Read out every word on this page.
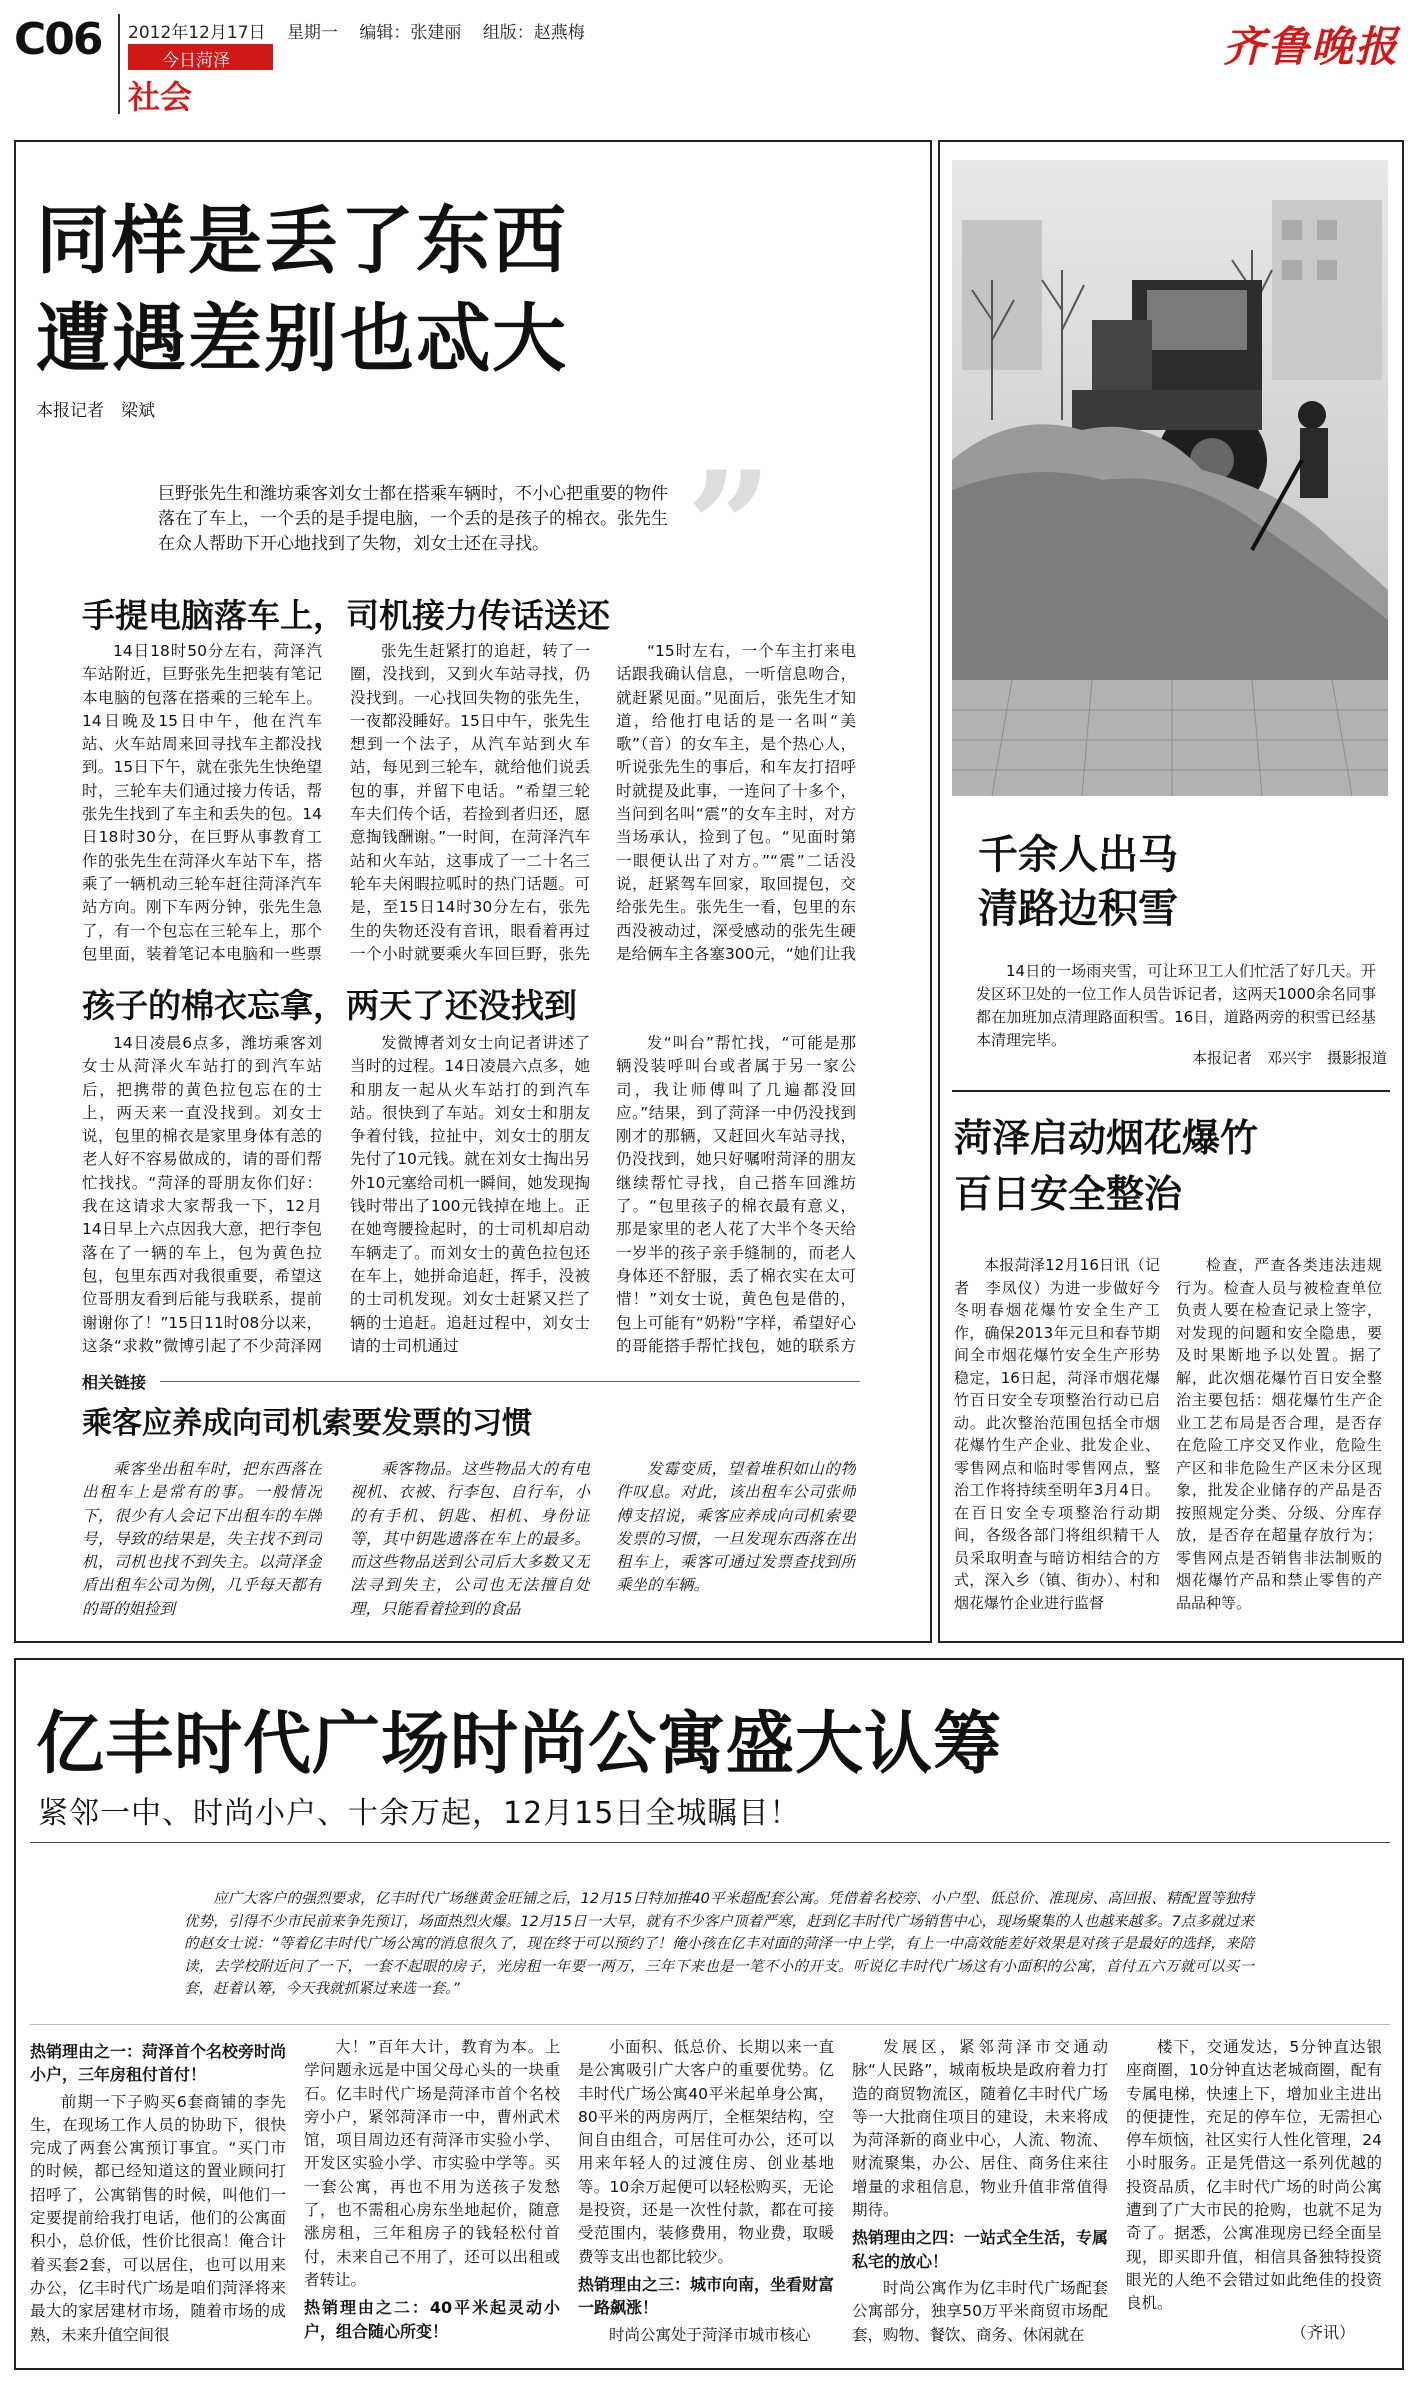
C06 2012年12月17日 星期一 编辑：张建丽 组版：赵燕梅
今日菏泽
社会
齐鲁晚报
同样是丢了东西
遭遇差别也忒大
本报记者　梁斌
巨野张先生和潍坊乘客刘女士都在搭乘车辆时，不小心把重要的物件落在了车上，一个丢的是手提电脑，一个丢的是孩子的棉衣。张先生在众人帮助下开心地找到了失物，刘女士还在寻找。 ”
手提电脑落车上，司机接力传话送还

14日18时50分左右，菏泽汽车站附近，巨野张先生把装有笔记本电脑的包落在搭乘的三轮车上。14日晚及15日中午，他在汽车站、火车站周来回寻找车主都没找到。15日下午，就在张先生快绝望时，三轮车夫们通过接力传话，帮张先生找到了车主和丢失的包。14日18时30分，在巨野从事教育工作的张先生在菏泽火车站下车，搭乘了一辆机动三轮车赶往菏泽汽车站方向。刚下车两分钟，张先生急了，有一个包忘在三轮车上，那个包里面，装着笔记本电脑和一些票

张先生赶紧打的追赶，转了一圈，没找到，又到火车站寻找，仍没找到。一心找回失物的张先生，一夜都没睡好。15日中午，张先生想到一个法子，从汽车站到火车站，每见到三轮车，就给他们说丢包的事，并留下电话。“希望三轮车夫们传个话，若捡到者归还，愿意掏钱酬谢。”一时间，在菏泽汽车站和火车站，这事成了一二十名三轮车夫闲暇拉呱时的热门话题。可是，至15日14时30分左右，张先生的失物还没有音讯，眼看着再过一个小时就要乘火车回巨野，张先

“15时左右，一个车主打来电话跟我确认信息，一听信息吻合，就赶紧见面。”见面后，张先生才知道，给他打电话的是一名叫“美歌”（音）的女车主，是个热心人，听说张先生的事后，和车友打招呼时就提及此事，一连问了十多个，当问到名叫“震”的女车主时，对方当场承认，捡到了包。“见面时第一眼便认出了对方。”“震”二话没说，赶紧驾车回家，取回提包，交给张先生。张先生一看，包里的东西没被动过，深受感动的张先生硬是给俩车主各塞300元，“她们让我

孩子的棉衣忘拿，两天了还没找到

14日凌晨6点多，潍坊乘客刘女士从菏泽火车站打的到汽车站后，把携带的黄色拉包忘在的士上，两天来一直没找到。刘女士说，包里的棉衣是家里身体有恙的老人好不容易做成的，请的哥们帮忙找找。“菏泽的哥朋友你们好：我在这请求大家帮我一下，12月14日早上六点因我大意，把行李包落在了一辆的车上，包为黄色拉包，包里东西对我很重要，希望这位哥朋友看到后能与我联系，提前谢谢你了！”15日11时08分以来，这条“求救”微博引起了不少菏泽网

发微博者刘女士向记者讲述了当时的过程。14日凌晨六点多，她和朋友一起从火车站打的到汽车站。很快到了车站。刘女士和朋友争着付钱，拉扯中，刘女士的朋友先付了10元钱。就在刘女士掏出另外10元塞给司机一瞬间，她发现掏钱时带出了100元钱掉在地上。正在她弯腰捡起时，的士司机却启动车辆走了。而刘女士的黄色拉包还在车上，她拼命追赶，挥手，没被的士司机发现。刘女士赶紧又拦了辆的士追赶。追赶过程中，刘女士请的士司机通过

发“叫台”帮忙找，“可能是那辆没装呼叫台或者属于另一家公司，我让师傅叫了几遍都没回应。”结果，到了菏泽一中仍没找到刚才的那辆，又赶回火车站寻找，仍没找到，她只好嘱咐菏泽的朋友继续帮忙寻找，自己搭车回潍坊了。“包里孩子的棉衣最有意义，那是家里的老人花了大半个冬天给一岁半的孩子亲手缝制的，而老人身体还不舒服，丢了棉衣实在太可惜！”刘女士说，黄色包是借的，包上可能有“奶粉”字样，希望好心的哥能搭手帮忙找包，她的联系方

相关链接
乘客应养成向司机索要发票的习惯

乘客坐出租车时，把东西落在出租车上是常有的事。一般情况下，很少有人会记下出租车的车牌号，导致的结果是，失主找不到司机，司机也找不到失主。以菏泽金盾出租车公司为例，几乎每天都有的哥的姐捡到

乘客物品。这些物品大的有电视机、衣被、行李包、自行车，小的有手机、钥匙、相机、身份证等，其中钥匙遗落在车上的最多。而这些物品送到公司后大多数又无法寻到失主，公司也无法擅自处理，只能看着捡到的食品

发霉变质，望着堆积如山的物件叹息。对此，该出租车公司张师傅支招说，乘客应养成向司机索要发票的习惯，一旦发现东西落在出租车上，乘客可通过发票查找到所乘坐的车辆。

千余人出马
清路边积雪

14日的一场雨夹雪，可让环卫工人们忙活了好几天。开发区环卫处的一位工作人员告诉记者，这两天1000余名同事都在加班加点清理路面积雪。16日，道路两旁的积雪已经基本清理完毕。

本报记者　邓兴宇　摄影报道
菏泽启动烟花爆竹
百日安全整治

本报菏泽12月16日讯（记者　李凤仪）为进一步做好今冬明春烟花爆竹安全生产工作，确保2013年元旦和春节期间全市烟花爆竹安全生产形势稳定，16日起，菏泽市烟花爆竹百日安全专项整治行动已启动。此次整治范围包括全市烟花爆竹生产企业、批发企业、零售网点和临时零售网点，整治工作将持续至明年3月4日。在百日安全专项整治行动期间，各级各部门将组织精干人员采取明查与暗访相结合的方式，深入乡（镇、街办）、村和烟花爆竹企业进行监督

检查，严查各类违法违规行为。检查人员与被检查单位负责人要在检查记录上签字，对发现的问题和安全隐患，要及时果断地予以处置。据了解，此次烟花爆竹百日安全整治主要包括：烟花爆竹生产企业工艺布局是否合理，是否存在危险工序交叉作业，危险生产区和非危险生产区未分区现象，批发企业储存的产品是否按照规定分类、分级、分库存放，是否存在超量存放行为；零售网点是否销售非法制贩的烟花爆竹产品和禁止零售的产品品种等。

亿丰时代广场时尚公寓盛大认筹
紧邻一中、时尚小户、十余万起，12月15日全城瞩目！

应广大客户的强烈要求，亿丰时代广场继黄金旺铺之后，12月15日特加推40平米超配套公寓。凭借着名校旁、小户型、低总价、准现房、高回报、精配置等独特优势，引得不少市民前来争先预订，场面热烈火爆。12月15日一大早，就有不少客户顶着严寒，赶到亿丰时代广场销售中心，现场聚集的人也越来越多。7点多就过来的赵女士说：“等着亿丰时代广场公寓的消息很久了，现在终于可以预约了！俺小孩在亿丰对面的菏泽一中上学，有上一中高效能差好效果是对孩子是最好的选择，来陪读，去学校附近问了一下，一套不起眼的房子，光房租一年要一两万，三年下来也是一笔不小的开支。听说亿丰时代广场这有小面积的公寓，首付五六万就可以买一套，赶着认筹，今天我就抓紧过来选一套。”

热销理由之一：菏泽首个名校旁时尚小户，三年房租付首付！

前期一下子购买6套商铺的李先生，在现场工作人员的协助下，很快完成了两套公寓预订事宜。“买门市的时候，都已经知道这的置业顾问打招呼了，公寓销售的时候，叫他们一定要提前给我打电话，他们的公寓面积小，总价低，性价比很高！俺合计着买套2套，可以居住，也可以用来办公，亿丰时代广场是咱们菏泽将来最大的家居建材市场，随着市场的成熟，未来升值空间很

大！”百年大计，教育为本。上学问题永远是中国父母心头的一块重石。亿丰时代广场是菏泽市首个名校旁小户，紧邻菏泽市一中，曹州武术馆，项目周边还有菏泽市实验小学、开发区实验小学、市实验中学等。买一套公寓，再也不用为送孩子发愁了，也不需租心房东坐地起价，随意涨房租，三年租房子的钱轻松付首付，未来自己不用了，还可以出租或者转让。

热销理由之二：40平米起灵动小户，组合随心所变！

小面积、低总价、长期以来一直是公寓吸引广大客户的重要优势。亿丰时代广场公寓40平米起单身公寓，80平米的两房两厅，全框架结构，空间自由组合，可居住可办公，还可以用来年轻人的过渡住房、创业基地等。10余万起便可以轻松购买，无论是投资，还是一次性付款，都在可接受范围内，装修费用，物业费，取暖费等支出也都比较少。

热销理由之三：城市向南，坐看财富一路飙涨！

时尚公寓处于菏泽市城市核心

发展区，紧邻菏泽市交通动脉“人民路”，城南板块是政府着力打造的商贸物流区，随着亿丰时代广场等一大批商住项目的建设，未来将成为菏泽新的商业中心，人流、物流、财流聚集，办公、居住、商务住来往增量的求租信息，物业升值非常值得期待。

热销理由之四：一站式全生活，专属私宅的放心！

时尚公寓作为亿丰时代广场配套公寓部分，独享50万平米商贸市场配套，购物、餐饮、商务、休闲就在

楼下，交通发达，5分钟直达银座商圈，10分钟直达老城商圈，配有专属电梯，快速上下，增加业主进出的便捷性，充足的停车位，无需担心停车烦恼，社区实行人性化管理，24小时服务。正是凭借这一系列优越的投资品质，亿丰时代广场的时尚公寓遭到了广大市民的抢购，也就不足为奇了。据悉，公寓准现房已经全面呈现，即买即升值，相信具备独特投资眼光的人绝不会错过如此绝佳的投资良机。

（齐讯）
